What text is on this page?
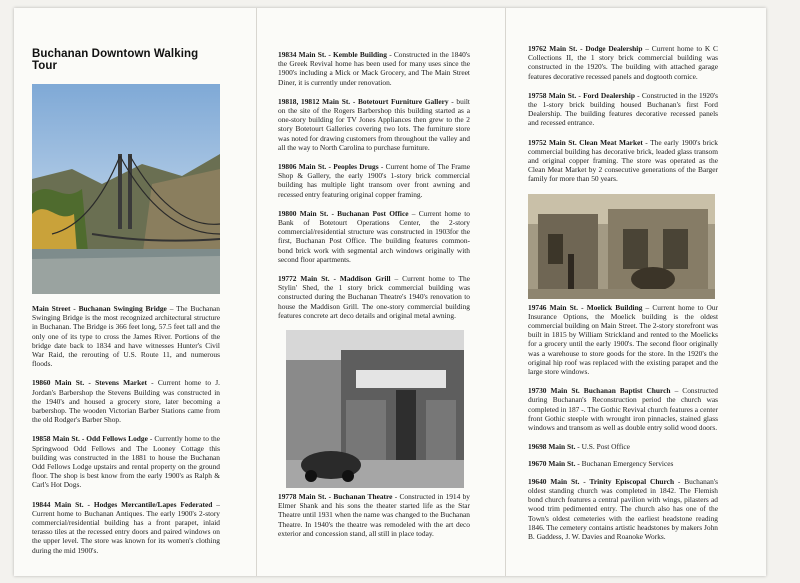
Buchanan Downtown Walking Tour
Main Street - Buchanan Swinging Bridge – The Buchanan Swinging Bridge is the most recognized architectural structure in Buchanan. The Bridge is 366 feet long, 57.5 feet tall and the only one of its type to cross the James River. Portions of the bridge date back to 1834 and have witnesses Hunter's Civil War Raid, the rerouting of U.S. Route 11, and numerous floods.
19860 Main St. - Stevens Market - Current home to J. Jordan's Barbershop the Stevens Building was constructed in the 1940's and housed a grocery store, later becoming a barbershop. The wooden Victorian Barber Stations came from the old Rodger's Barber Shop.
19858 Main St. - Odd Fellows Lodge - Currently home to the Springwood Odd Fellows and The Looney Cottage this building was constructed in the 1881 to house the Buchanan Odd Fellows Lodge upstairs and rental property on the ground floor. The shop is best know from the early 1900's as Ralph & Carl's Hot Dogs.
19844 Main St. - Hodges Mercantile/Lapes Federated – Current home to Buchanan Antiques. The early 1900's 2-story commercial/residential building has a front parapet, inlaid terasso tiles at the recessed entry doors and paired windows on the upper level. The store was known for its women's clothing during the mid 1900's.
19834 Main St. - Kemble Building - Constructed in the 1840's the Greek Revival home has been used for many uses since the 1900's including a Mick or Mack Grocery, and The Main Street Diner, it is currently under renovation.
19818, 19812 Main St. - Botetourt Furniture Gallery - built on the site of the Rogers Barbershop this building started as a one-story building for TV Jones Appliances then grew to the 2 story Botetourt Galleries covering two lots. The furniture store was noted for drawing customers from throughout the valley and all the way to North Carolina to purchase furniture.
19806 Main St. - Peoples Drugs - Current home of The Frame Shop & Gallery, the early 1900's 1-story brick commercial building has multiple light transom over front awning and recessed entry featuring original copper framing.
19800 Main St. - Buchanan Post Office – Current home to Bank of Botetourt Operations Center, the 2-story commercial/residential structure was constructed in 1903for the first, Buchanan Post Office. The building features common-bond brick work with segmental arch windows originally with second floor apartments.
19772 Main St. - Maddison Grill – Current home to The Stylin' Shed, the 1 story brick commercial building was constructed during the Buchanan Theatre's 1940's renovation to house the Maddison Grill. The one-story commercial building features concrete art deco details and original metal awning.
19778 Main St. - Buchanan Theatre - Constructed in 1914 by Elmer Shank and his sons the theater started life as the Star Theatre until 1931 when the name was changed to the Buchanan Theatre. In 1940's the theatre was remodeled with the art deco exterior and concession stand, all still in place today.
19762 Main St. - Dodge Dealership – Current home to K C Collections II, the 1 story brick commercial building was constructed in the 1920's. The building with attached garage features decorative recessed panels and dogtooth cornice.
19758 Main St. - Ford Dealership - Constructed in the 1920's the 1-story brick building housed Buchanan's first Ford Dealership. The building features decorative recessed panels and recessed entrance.
19752 Main St. Clean Meat Market - The early 1900's brick commercial building has decorative brick, leaded glass transom and original copper framing. The store was operated as the Clean Meat Market by 2 consecutive generations of the Barger family for more than 50 years.
19746 Main St. - Moelick Building – Current home to Our Insurance Options, the Moelick building is the oldest commercial building on Main Street. The 2-story storefront was built in 1815 by William Strickland and rented to the Moelicks for a grocery until the early 1900's. The second floor originally was a warehouse to store goods for the store. In the 1920's the original hip roof was replaced with the existing parapet and the large store windows.
19730 Main St. Buchanan Baptist Church – Constructed during Buchanan's Reconstruction period the church was completed in 187 -. The Gothic Revival church features a center front Gothic steeple with wrought iron pinnacles, stained glass windows and transom as well as double entry solid wood doors.
19698 Main St. - U.S. Post Office
19670 Main St. - Buchanan Emergency Services
19640 Main St. - Trinity Episcopal Church - Buchanan's oldest standing church was completed in 1842. The Flemish bond church features a central pavilion with wings, pilasters ad wood trim pedimented entry. The church also has one of the Town's oldest cemeteries with the earliest headstone reading 1846. The cemetery contains artistic headstones by makers John B. Gaddess, J. W. Davies and Roanoke Works.
